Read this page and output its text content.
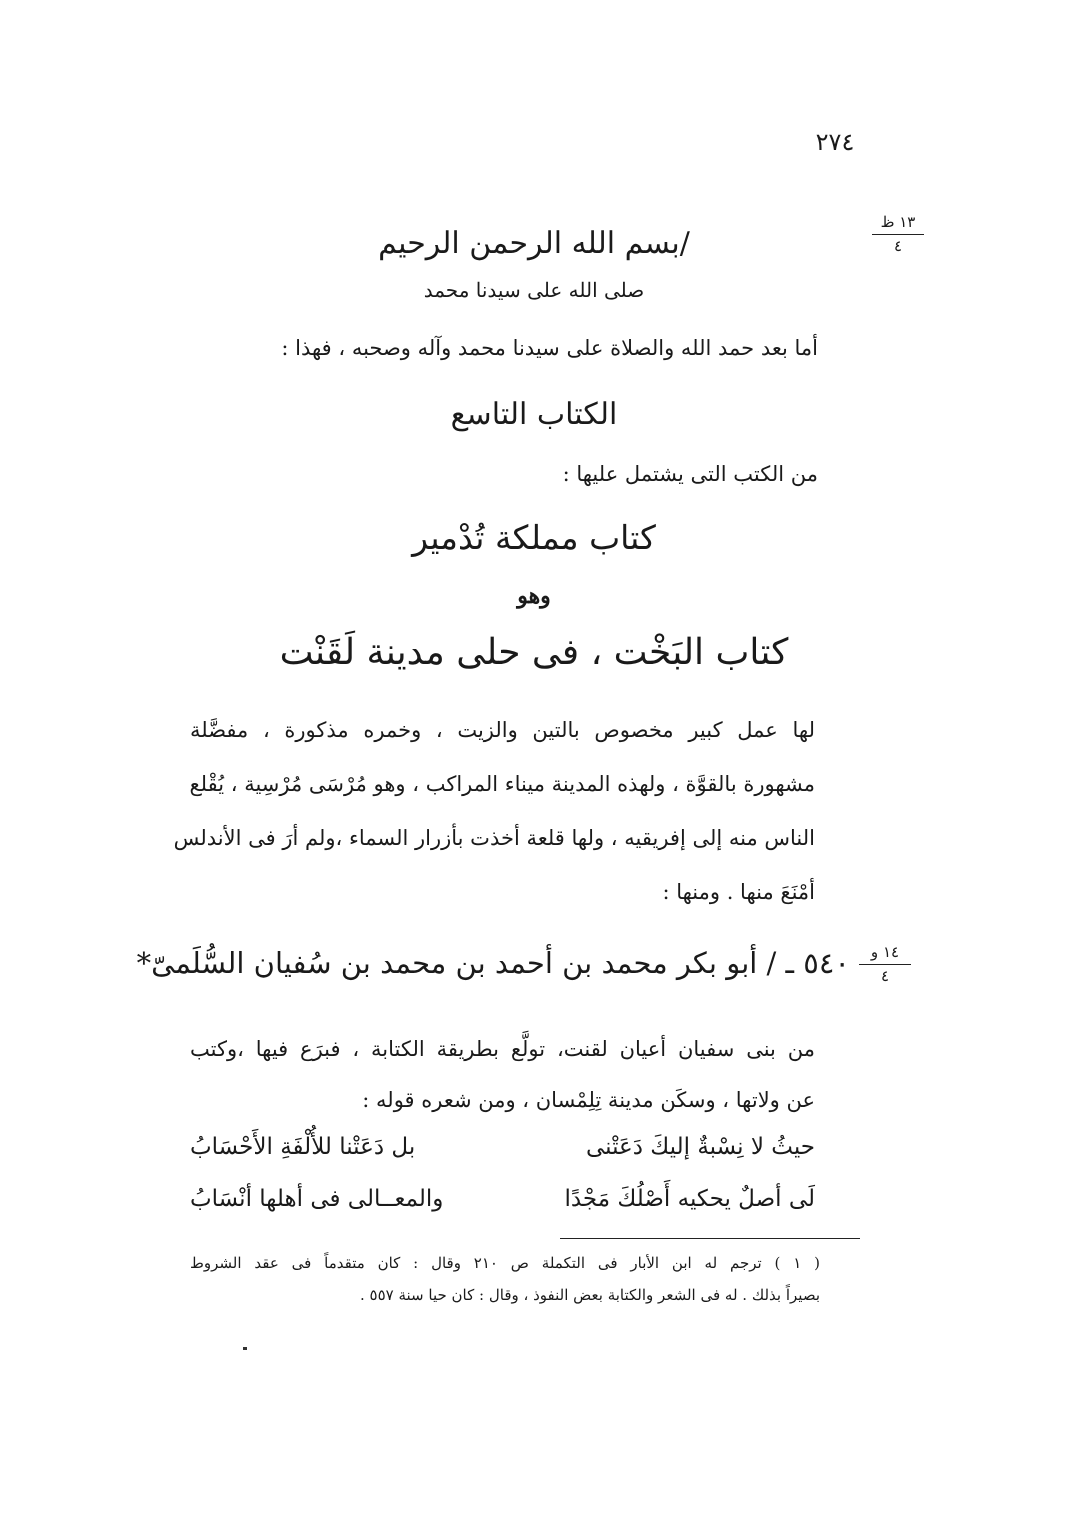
٢٧٤
١٣ ظ
٤
/بسم الله الرحمن الرحيم
صلى الله على سيدنا محمد
أما بعد حمد الله والصلاة على سيدنا محمد وآله وصحبه ، فهذا :
الكتاب التاسع
من الكتب التى يشتمل عليها :
كتاب مملكة تُدْمير
وهو
كتاب البَخْت ، فى حلى مدينة لَقَنْت
لها عمل كبير مخصوص بالتين والزيت ، وخمره مذكورة ، مفضَّلة
مشهورة بالقوَّة ، ولهذه المدينة ميناء المراكب ، وهو مُرْسَى مُرْسِية ، يُقْلع
الناس منه إلى إفريقيه ، ولها قلعة أخذت بأزرار السماء ،ولم أرَ فى الأندلس
أمْنَعَ منها . ومنها :
١٤ و
٤
٥٤٠ ـ / أبو بكر محمد بن أحمد بن محمد بن سُفيان السُّلَمىّ*
من بنى سفيان أعيان لقنت، تولَّع بطريقة الكتابة ، فبرَع فيها ،وكتب
عن ولاتها ، وسكَن مدينة تِلِمْسان ، ومن شعره قوله :
حيثُ لا نِسْبةٌ إليكَ دَعَتْنى
بل دَعَتْنا للأُلْفَةِ الأَحْسَابُ
لَى أصلٌ يحكيه أَصْلُكَ مَجْدًا
والمعــالى فى أهلها أنْسَابُ
( ١ ) ترجم له ابن الأبار فى التكملة ص ٢١٠ وقال : كان متقدماً فى عقد الشروط
بصيراً بذلك . له فى الشعر والكتابة بعض النفوذ ، وقال : كان حيا سنة ٥٥٧ .
